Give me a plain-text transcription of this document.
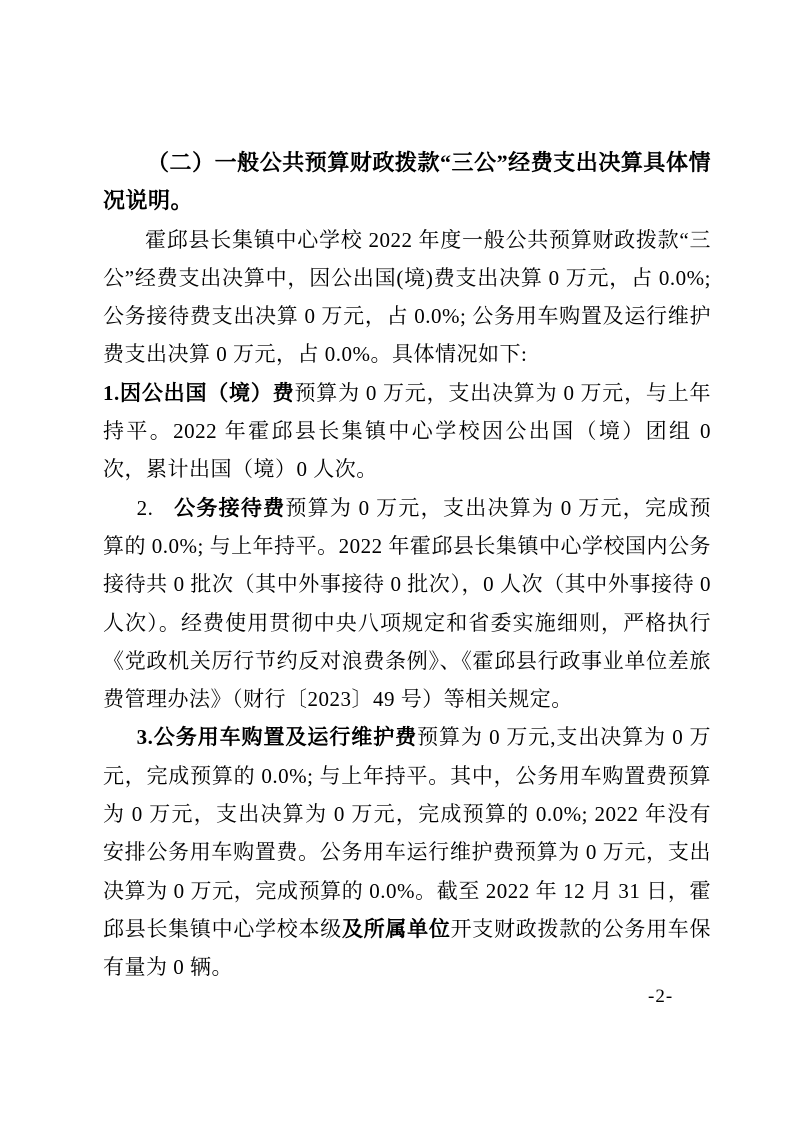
（二）一般公共预算财政拨款“三公”经费支出决算具体情况说明。

霍邱县长集镇中心学校 2022 年度一般公共预算财政拨款“三公”经费支出决算中，因公出国(境)费支出决算 0 万元，占 0.0%; 公务接待费支出决算 0 万元，占 0.0%; 公务用车购置及运行维护费支出决算 0 万元，占 0.0%。具体情况如下:

1.因公出国（境）费预算为 0 万元，支出决算为 0 万元，与上年持平。2022 年霍邱县长集镇中心学校因公出国（境）团组 0 次，累计出国（境）0 人次。

2. 公务接待费预算为 0 万元，支出决算为 0 万元，完成预算的 0.0%; 与上年持平。2022 年霍邱县长集镇中心学校国内公务接待共 0 批次（其中外事接待 0 批次），0 人次（其中外事接待 0 人次）。经费使用贯彻中央八项规定和省委实施细则，严格执行《党政机关厉行节约反对浪费条例》、《霍邱县行政事业单位差旅费管理办法》（财行〔2023〕49 号）等相关规定。

3.公务用车购置及运行维护费预算为 0 万元,支出决算为 0 万元，完成预算的 0.0%; 与上年持平。其中，公务用车购置费预算为 0 万元，支出决算为 0 万元，完成预算的 0.0%; 2022 年没有安排公务用车购置费。公务用车运行维护费预算为 0 万元，支出决算为 0 万元，完成预算的 0.0%。截至 2022 年 12 月 31 日，霍邱县长集镇中心学校本级及所属单位开支财政拨款的公务用车保有量为 0 辆。

-2-
